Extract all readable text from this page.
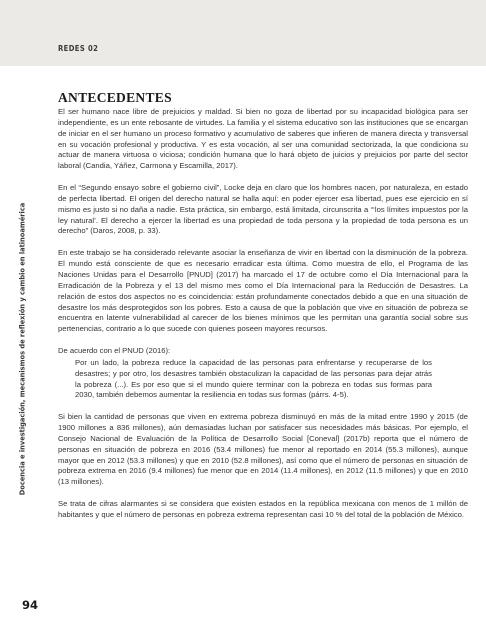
REDES 02
Docencia e investigación, mecanismos de reflexión y cambio en latinoamérica
ANTECEDENTES

El ser humano nace libre de prejuicios y maldad. Si bien no goza de libertad por su incapacidad biológica para ser independiente, es un ente rebosante de virtudes. La familia y el sistema educativo son las instituciones que se encargan de iniciar en el ser humano un proceso formativo y acumulativo de saberes que infieren de manera directa y transversal en su vocación profesional y productiva. Y es esta vocación, al ser una comunidad sectorizada, la que condiciona su actuar de manera virtuosa o viciosa; condición humana que lo hará objeto de juicios y prejuicios por parte del sector laboral (Candia, Yáñez, Carmona y Escamilla, 2017).

En el “Segundo ensayo sobre el gobierno civil”, Locke deja en claro que los hombres nacen, por naturaleza, en estado de perfecta libertad. El origen del derecho natural se halla aquí: en poder ejercer esa libertad, pues ese ejercicio en sí mismo es justo si no daña a nadie. Esta práctica, sin embargo, está limitada, circunscrita a “‘los límites impuestos por la ley natural’. El derecho a ejercer la libertad es una propiedad de toda persona y la propiedad de toda persona es un derecho” (Daros, 2008, p. 33).

En este trabajo se ha considerado relevante asociar la enseñanza de vivir en libertad con la disminución de la pobreza. El mundo está consciente de que es necesario erradicar esta última. Como muestra de ello, el Programa de las Naciones Unidas para el Desarrollo [PNUD] (2017) ha marcado el 17 de octubre como el Día Internacional para la Erradicación de la Pobreza y el 13 del mismo mes como el Día Internacional para la Reducción de Desastres. La relación de estos dos aspectos no es coincidencia: están profundamente conectados debido a que en una situación de desastre los más desprotegidos son los pobres. Esto a causa de que la población que vive en situación de pobreza se encuentra en latente vulnerabilidad al carecer de los bienes mínimos que les permitan una garantía social sobre sus pertenencias, contrario a lo que sucede con quienes poseen mayores recursos.

De acuerdo con el PNUD (2016):

Por un lado, la pobreza reduce la capacidad de las personas para enfrentarse y recuperarse de los desastres; y por otro, los desastres también obstaculizan la capacidad de las personas para dejar atrás la pobreza (...). Es por eso que si el mundo quiere terminar con la pobreza en todas sus formas para 2030, también debemos aumentar la resiliencia en todas sus formas (párrs. 4-5).

Si bien la cantidad de personas que viven en extrema pobreza disminuyó en más de la mitad entre 1990 y 2015 (de 1900 millones a 836 millones), aún demasiadas luchan por satisfacer sus necesidades más básicas. Por ejemplo, el Consejo Nacional de Evaluación de la Política de Desarrollo Social [Coneval] (2017b) reporta que el número de personas en situación de pobreza en 2016 (53.4 millones) fue menor al reportado en 2014 (55.3 millones), aunque mayor que en 2012 (53.3 millones) y que en 2010 (52.8 millones), así como que el número de personas en situación de pobreza extrema en 2016 (9.4 millones) fue menor que en 2014 (11.4 millones), en 2012 (11.5 millones) y que en 2010 (13 millones).

Se trata de cifras alarmantes si se considera que existen estados en la república mexicana con menos de 1 millón de habitantes y que el número de personas en pobreza extrema representan casi 10 % del total de la población de México.

94
